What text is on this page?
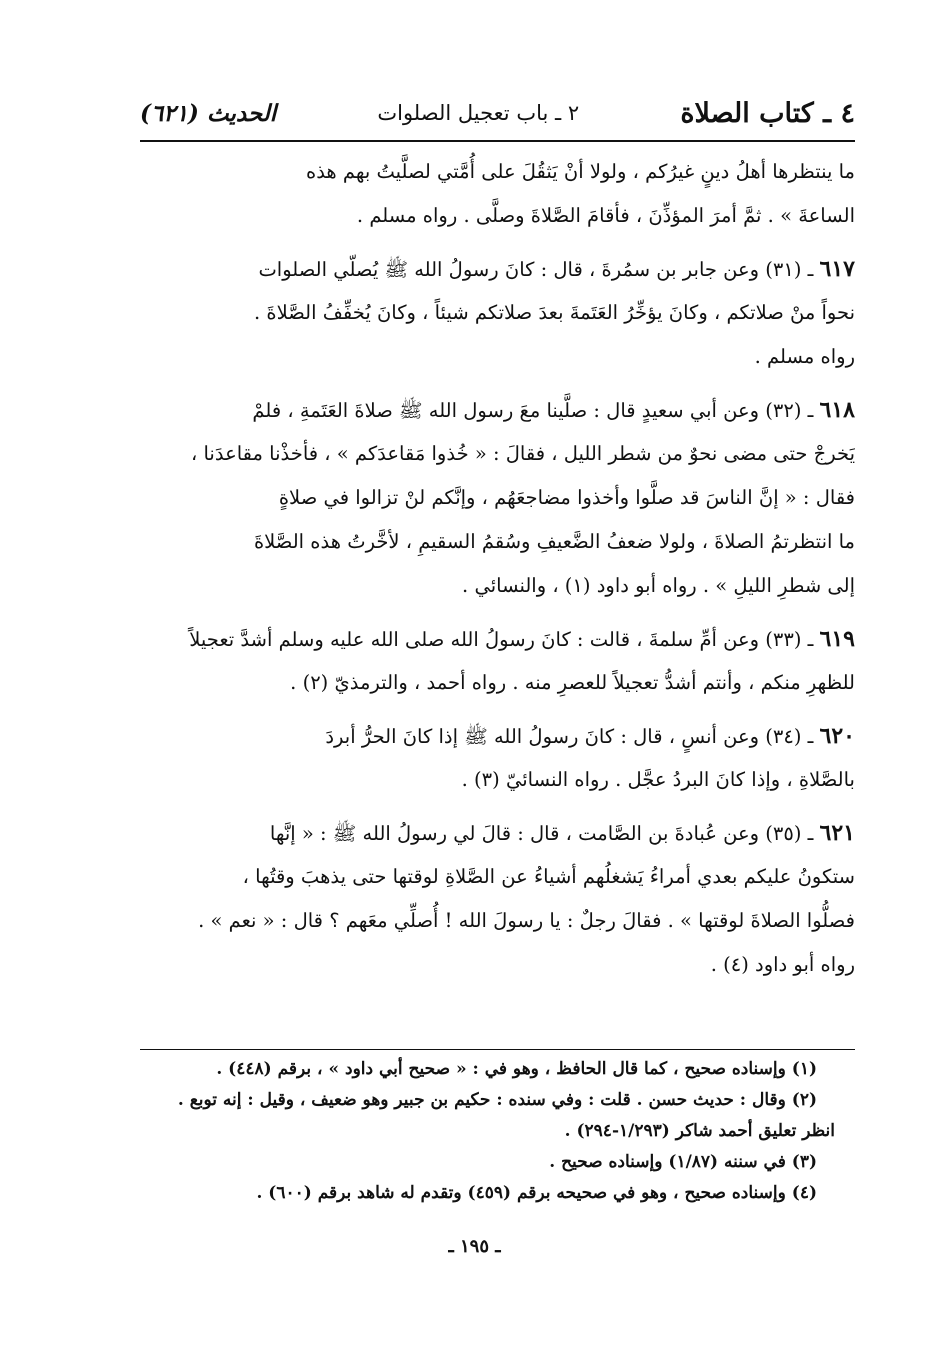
٤ ـ كتاب الصلاة
٢ ـ باب تعجيل الصلوات
الحديث (٦٢١)
ما ينتظرها أهلُ دينٍ غيرُكم ، ولولا أنْ يَثقُلَ على أُمَّتي لصلَّيتُ بهم هذه
الساعةَ » . ثمَّ أمرَ المؤذِّنَ ، فأقامَ الصَّلاةَ وصلَّى . رواه مسلم .
٦١٧ ـ (٣١) وعن جابر بن سمُرةَ ، قال : كانَ رسولُ الله ﷺ يُصلّي الصلوات
نحواً منْ صلاتكم ، وكانَ يؤخِّرُ العَتَمةَ بعدَ صلاتكم شيئاً ، وكانَ يُخفِّفُ الصَّلاةَ .
رواه مسلم .
٦١٨ ـ (٣٢) وعن أبي سعيدٍ قال : صلَّينا معَ رسول الله ﷺ صلاةَ العَتَمةِ ، فلمْ
يَخرجْ حتى مضى نحوٌ من شطر الليل ، فقالَ : « خُذوا مَقاعدَكم » ، فأخذْنا مقاعدَنا ،
فقال : « إنَّ الناسَ قد صلَّوا وأخذوا مضاجعَهُم ، وإنَّكم لنْ تزالوا في صلاةٍ
ما انتظرتمُ الصلاةَ ، ولولا ضعفُ الضَّعيفِ وسُقمُ السقيمِ ، لأخَّرتُ هذه الصَّلاةَ
إلى شطرِ الليلِ » . رواه أبو داود (١) ، والنسائي .
٦١٩ ـ (٣٣) وعن أمِّ سلمةَ ، قالت : كانَ رسولُ الله صلى الله عليه وسلم أشدَّ تعجيلاً
للظهرِ منكم ، وأنتم أشدُّ تعجيلاً للعصرِ منه . رواه أحمد ، والترمذيّ (٢) .
٦٢٠ ـ (٣٤) وعن أنسٍ ، قال : كانَ رسولُ الله ﷺ إذا كانَ الحرُّ أبردَ
بالصَّلاةِ ، وإذا كانَ البردُ عجَّل . رواه النسائيّ (٣) .
٦٢١ ـ (٣٥) وعن عُبادةَ بن الصَّامت ، قال : قالَ لي رسولُ الله ﷺ : « إنَّها
ستكونُ عليكم بعدي أمراءُ يَشغلُهم أشياءُ عن الصَّلاةِ لوقتها حتى يذهبَ وقتُها ،
فصلُّوا الصلاةَ لوقتها » . فقالَ رجلٌ : يا رسولَ الله ! أُصلِّي معَهم ؟ قال : « نعم » .
رواه أبو داود (٤) .
(١) وإسناده صحيح ، كما قال الحافظ ، وهو في : « صحيح أبي داود » ، برقم (٤٤٨) .
(٢) وقال : حديث حسن . قلت : وفي سنده : حكيم بن جبير وهو ضعيف ، وقيل : إنه توبع .
انظر تعليق أحمد شاكر (١/٢٩٣-٢٩٤) .
(٣) في سننه (١/٨٧) وإسناده صحيح .
(٤) وإسناده صحيح ، وهو في صحيحه برقم (٤٥٩) وتقدم له شاهد برقم (٦٠٠) .
ـ ١٩٥ ـ
